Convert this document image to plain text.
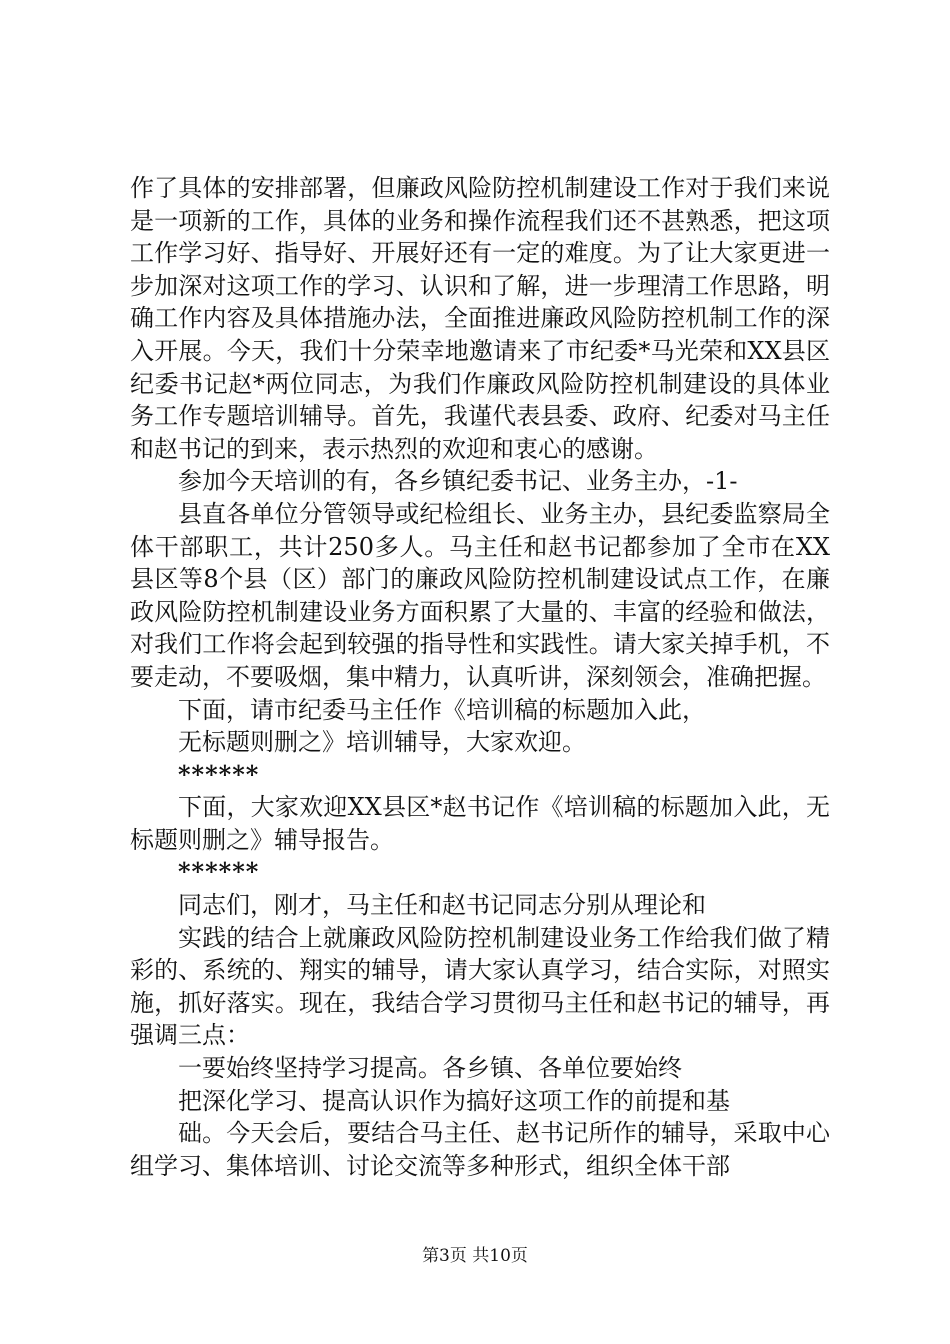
作了具体的安排部署，但廉政风险防控机制建设工作对于我们来说是一项新的工作，具体的业务和操作流程我们还不甚熟悉，把这项工作学习好、指导好、开展好还有一定的难度。为了让大家更进一步加深对这项工作的学习、认识和了解，进一步理清工作思路，明确工作内容及具体措施办法，全面推进廉政风险防控机制工作的深入开展。今天，我们十分荣幸地邀请来了市纪委*马光荣和XX县区纪委书记赵*两位同志，为我们作廉政风险防控机制建设的具体业务工作专题培训辅导。首先，我谨代表县委、政府、纪委对马主任和赵书记的到来，表示热烈的欢迎和衷心的感谢。

参加今天培训的有，各乡镇纪委书记、业务主办，-1-

县直各单位分管领导或纪检组长、业务主办，县纪委监察局全体干部职工，共计250多人。马主任和赵书记都参加了全市在XX县区等8个县（区）部门的廉政风险防控机制建设试点工作，在廉政风险防控机制建设业务方面积累了大量的、丰富的经验和做法，对我们工作将会起到较强的指导性和实践性。请大家关掉手机，不要走动，不要吸烟，集中精力，认真听讲，深刻领会，准确把握。

下面，请市纪委马主任作《培训稿的标题加入此，

无标题则删之》培训辅导，大家欢迎。

******

下面，大家欢迎XX县区*赵书记作《培训稿的标题加入此，无标题则删之》辅导报告。

******

同志们，刚才，马主任和赵书记同志分别从理论和

实践的结合上就廉政风险防控机制建设业务工作给我们做了精彩的、系统的、翔实的辅导，请大家认真学习，结合实际，对照实施，抓好落实。现在，我结合学习贯彻马主任和赵书记的辅导，再强调三点：

一要始终坚持学习提高。各乡镇、各单位要始终

把深化学习、提高认识作为搞好这项工作的前提和基

础。今天会后，要结合马主任、赵书记所作的辅导，采取中心组学习、集体培训、讨论交流等多种形式，组织全体干部

第3页 共10页
